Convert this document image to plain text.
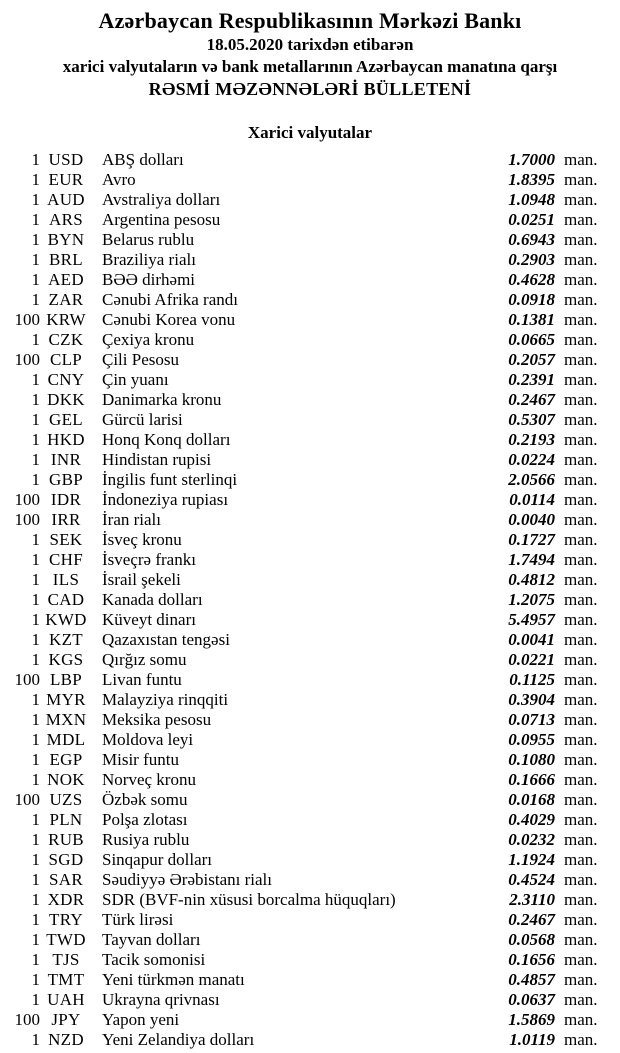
Azərbaycan Respublikasının Mərkəzi Bankı
18.05.2020 tarixdən etibarən
xarici valyutaların və bank metallarının Azərbaycan manatına qarşı
RƏSMİ MƏZƏNNƏLƏRİ BÜLLETENİ
Xarici valyutalar
1 USD	ABŞ dolları	1.7000 man.
1 EUR	Avro	1.8395 man.
1 AUD	Avstraliya dolları	1.0948 man.
1 ARS	Argentina pesosu	0.0251 man.
1 BYN	Belarus rublu	0.6943 man.
1 BRL	Braziliya rialı	0.2903 man.
1 AED	BƏƏ dirhəmi	0.4628 man.
1 ZAR	Cənubi Afrika randı	0.0918 man.
100 KRW Cənubi Korea vonu	0.1381 man.
1 CZK	Çexiya kronu	0.0665 man.
100 CLP	Çili Pesosu	0.2057 man.
1 CNY	Çin yuanı	0.2391 man.
1 DKK	Danimarka kronu	0.2467 man.
1 GEL	Gürcü larisi	0.5307 man.
1 HKD	Honq Konq dolları	0.2193 man.
1 INR	Hindistan rupisi	0.0224 man.
1 GBP	İngilis funt sterlinqi	2.0566 man.
100 IDR	İndoneziya rupiası	0.0114 man.
100 IRR	İran rialı	0.0040 man.
1 SEK	İsveç kronu	0.1727 man.
1 CHF	İsveçrə frankı	1.7494 man.
1 ILS	İsrail şekeli	0.4812 man.
1 CAD	Kanada dolları	1.2075 man.
1 KWD Küveyt dinarı	5.4957 man.
1 KZT	Qazaxıstan tengəsi	0.0041 man.
1 KGS	Qırğız somu	0.0221 man.
100 LBP	Livan funtu	0.1125 man.
1 MYR Malayziya rinqqiti	0.3904 man.
1 MXN Meksika pesosu	0.0713 man.
1 MDL Moldova leyi	0.0955 man.
1 EGP	Misir funtu	0.1080 man.
1 NOK	Norveç kronu	0.1666 man.
100 UZS	Özbək somu	0.0168 man.
1 PLN	Polşa zlotası	0.4029 man.
1 RUB	Rusiya rublu	0.0232 man.
1 SGD	Sinqapur dolları	1.1924 man.
1 SAR	Səudiyyə Ərəbistanı rialı	0.4524 man.
1 XDR	SDR (BVF-nin xüsusi borcalma hüquqları)	2.3110 man.
1 TRY	Türk lirəsi	0.2467 man.
1 TWD Tayvan dolları	0.0568 man.
1 TJS	Tacik somonisi	0.1656 man.
1 TMT	Yeni türkmən manatı	0.4857 man.
1 UAH	Ukrayna qrivnası	0.0637 man.
100 JPY	Yapon yeni	1.5869 man.
1 NZD	Yeni Zelandiya dolları	1.0119 man.
